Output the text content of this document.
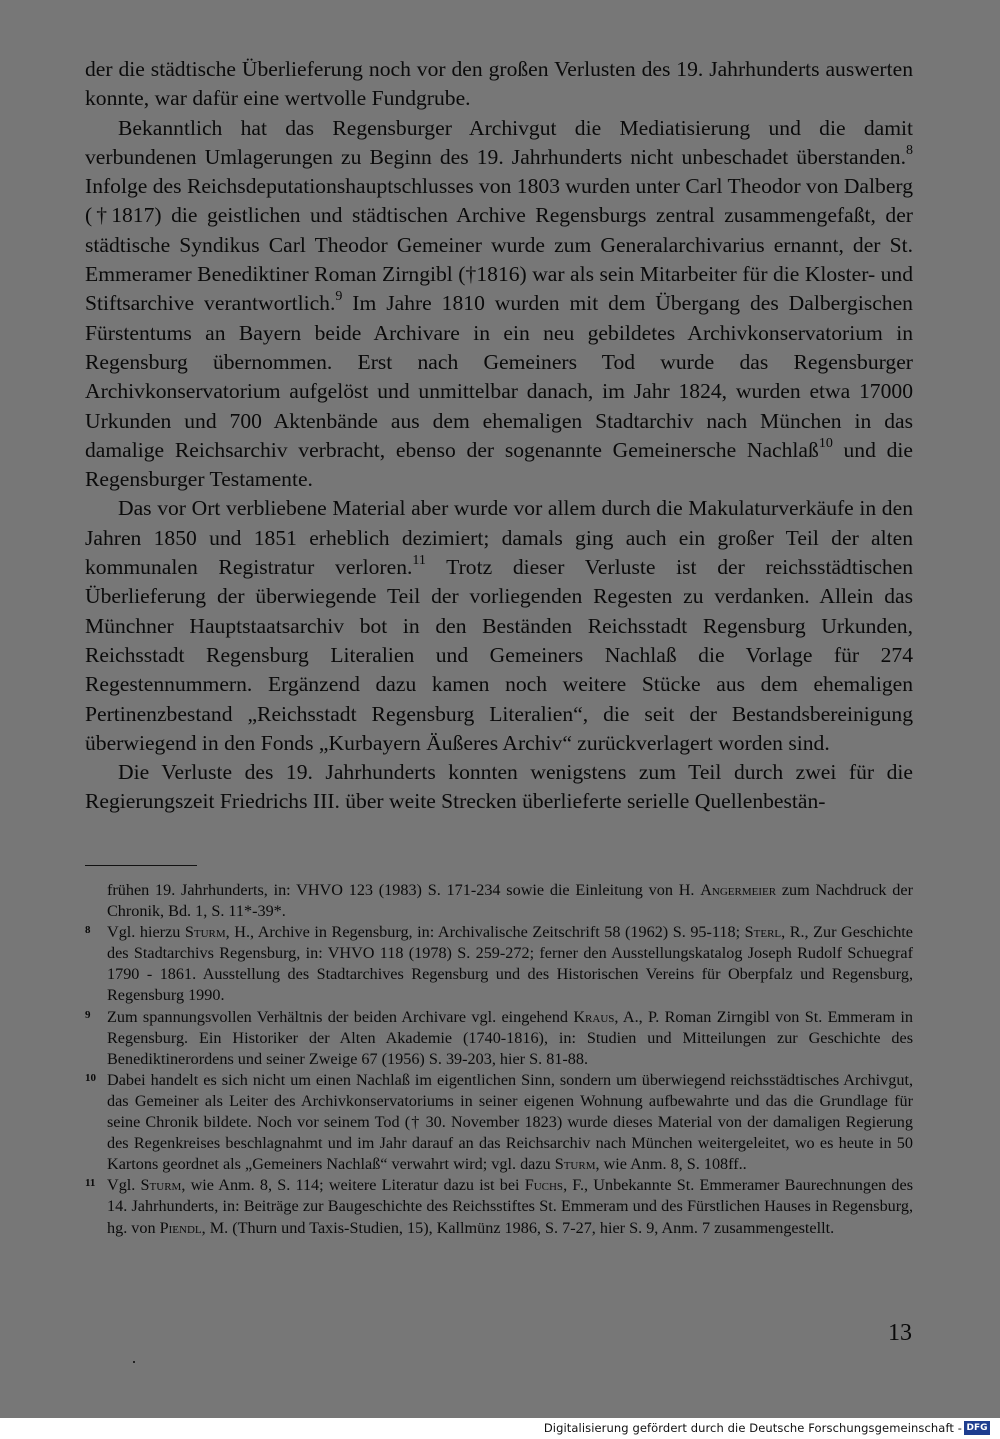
der die städtische Überlieferung noch vor den großen Verlusten des 19. Jahrhunderts auswerten konnte, war dafür eine wertvolle Fundgrube.

Bekanntlich hat das Regensburger Archivgut die Mediatisierung und die damit verbundenen Umlagerungen zu Beginn des 19. Jahrhunderts nicht unbeschadet überstanden.$^8$ Infolge des Reichsdeputationshauptschlusses von 1803 wurden unter Carl Theodor von Dalberg (†1817) die geistlichen und städtischen Archive Regensburgs zentral zusammengefaßt, der städtische Syndikus Carl Theodor Gemeiner wurde zum Generalarchivarius ernannt, der St. Emmeramer Benediktiner Roman Zirngibl (†1816) war als sein Mitarbeiter für die Kloster- und Stiftsarchive verantwortlich.$^9$ Im Jahre 1810 wurden mit dem Übergang des Dalbergischen Fürstentums an Bayern beide Archivare in ein neu gebildetes Archivkonservatorium in Regensburg übernommen. Erst nach Gemeiners Tod wurde das Regensburger Archivkonservatorium aufgelöst und unmittelbar danach, im Jahr 1824, wurden etwa 17000 Urkunden und 700 Aktenbände aus dem ehemaligen Stadtarchiv nach München in das damalige Reichsarchiv verbracht, ebenso der sogenannte Gemeinersche Nachlaß$^{10}$ und die Regensburger Testamente.

Das vor Ort verbliebene Material aber wurde vor allem durch die Makulaturverkäufe in den Jahren 1850 und 1851 erheblich dezimiert; damals ging auch ein großer Teil der alten kommunalen Registratur verloren.$^{11}$ Trotz dieser Verluste ist der reichsstädtischen Überlieferung der überwiegende Teil der vorliegenden Regesten zu verdanken. Allein das Münchner Hauptstaatsarchiv bot in den Beständen Reichsstadt Regensburg Urkunden, Reichsstadt Regensburg Literalien und Gemeiners Nachlaß die Vorlage für 274 Regestennummern. Ergänzend dazu kamen noch weitere Stücke aus dem ehemaligen Pertinenzbestand „Reichsstadt Regensburg Literalien“, die seit der Bestandsbereinigung überwiegend in den Fonds „Kurbayern Äußeres Archiv“ zurückverlagert worden sind.

Die Verluste des 19. Jahrhunderts konnten wenigstens zum Teil durch zwei für die Regierungszeit Friedrichs III. über weite Strecken überlieferte serielle Quellenbestän-

frühen 19. Jahrhunderts, in: VHVO 123 (1983) S. 171-234 sowie die Einleitung von H. Angermeier zum Nachdruck der Chronik, Bd. 1, S. 11*-39*.

8 Vgl. hierzu Sturm, H., Archive in Regensburg, in: Archivalische Zeitschrift 58 (1962) S. 95-118; Sterl, R., Zur Geschichte des Stadtarchivs Regensburg, in: VHVO 118 (1978) S. 259-272; ferner den Ausstellungskatalog Joseph Rudolf Schuegraf 1790 - 1861. Ausstellung des Stadtarchives Regensburg und des Historischen Vereins für Oberpfalz und Regensburg, Regensburg 1990.

9 Zum spannungsvollen Verhältnis der beiden Archivare vgl. eingehend Kraus, A., P. Roman Zirngibl von St. Emmeram in Regensburg. Ein Historiker der Alten Akademie (1740-1816), in: Studien und Mitteilungen zur Geschichte des Benediktinerordens und seiner Zweige 67 (1956) S. 39-203, hier S. 81-88.

10 Dabei handelt es sich nicht um einen Nachlaß im eigentlichen Sinn, sondern um überwiegend reichsstädtisches Archivgut, das Gemeiner als Leiter des Archivkonservatoriums in seiner eigenen Wohnung aufbewahrte und das die Grundlage für seine Chronik bildete. Noch vor seinem Tod († 30. November 1823) wurde dieses Material von der damaligen Regierung des Regenkreises beschlagnahmt und im Jahr darauf an das Reichsarchiv nach München weitergeleitet, wo es heute in 50 Kartons geordnet als „Gemeiners Nachlaß“ verwahrt wird; vgl. dazu Sturm, wie Anm. 8, S. 108ff..

11 Vgl. Sturm, wie Anm. 8, S. 114; weitere Literatur dazu ist bei Fuchs, F., Unbekannte St. Emmeramer Baurechnungen des 14. Jahrhunderts, in: Beiträge zur Baugeschichte des Reichsstiftes St. Emmeram und des Fürstlichen Hauses in Regensburg, hg. von Piendl, M. (Thurn und Taxis-Studien, 15), Kallmünz 1986, S. 7-27, hier S. 9, Anm. 7 zusammengestellt.

13
Digitalisierung gefördert durch die Deutsche Forschungsgemeinschaft - DFG
